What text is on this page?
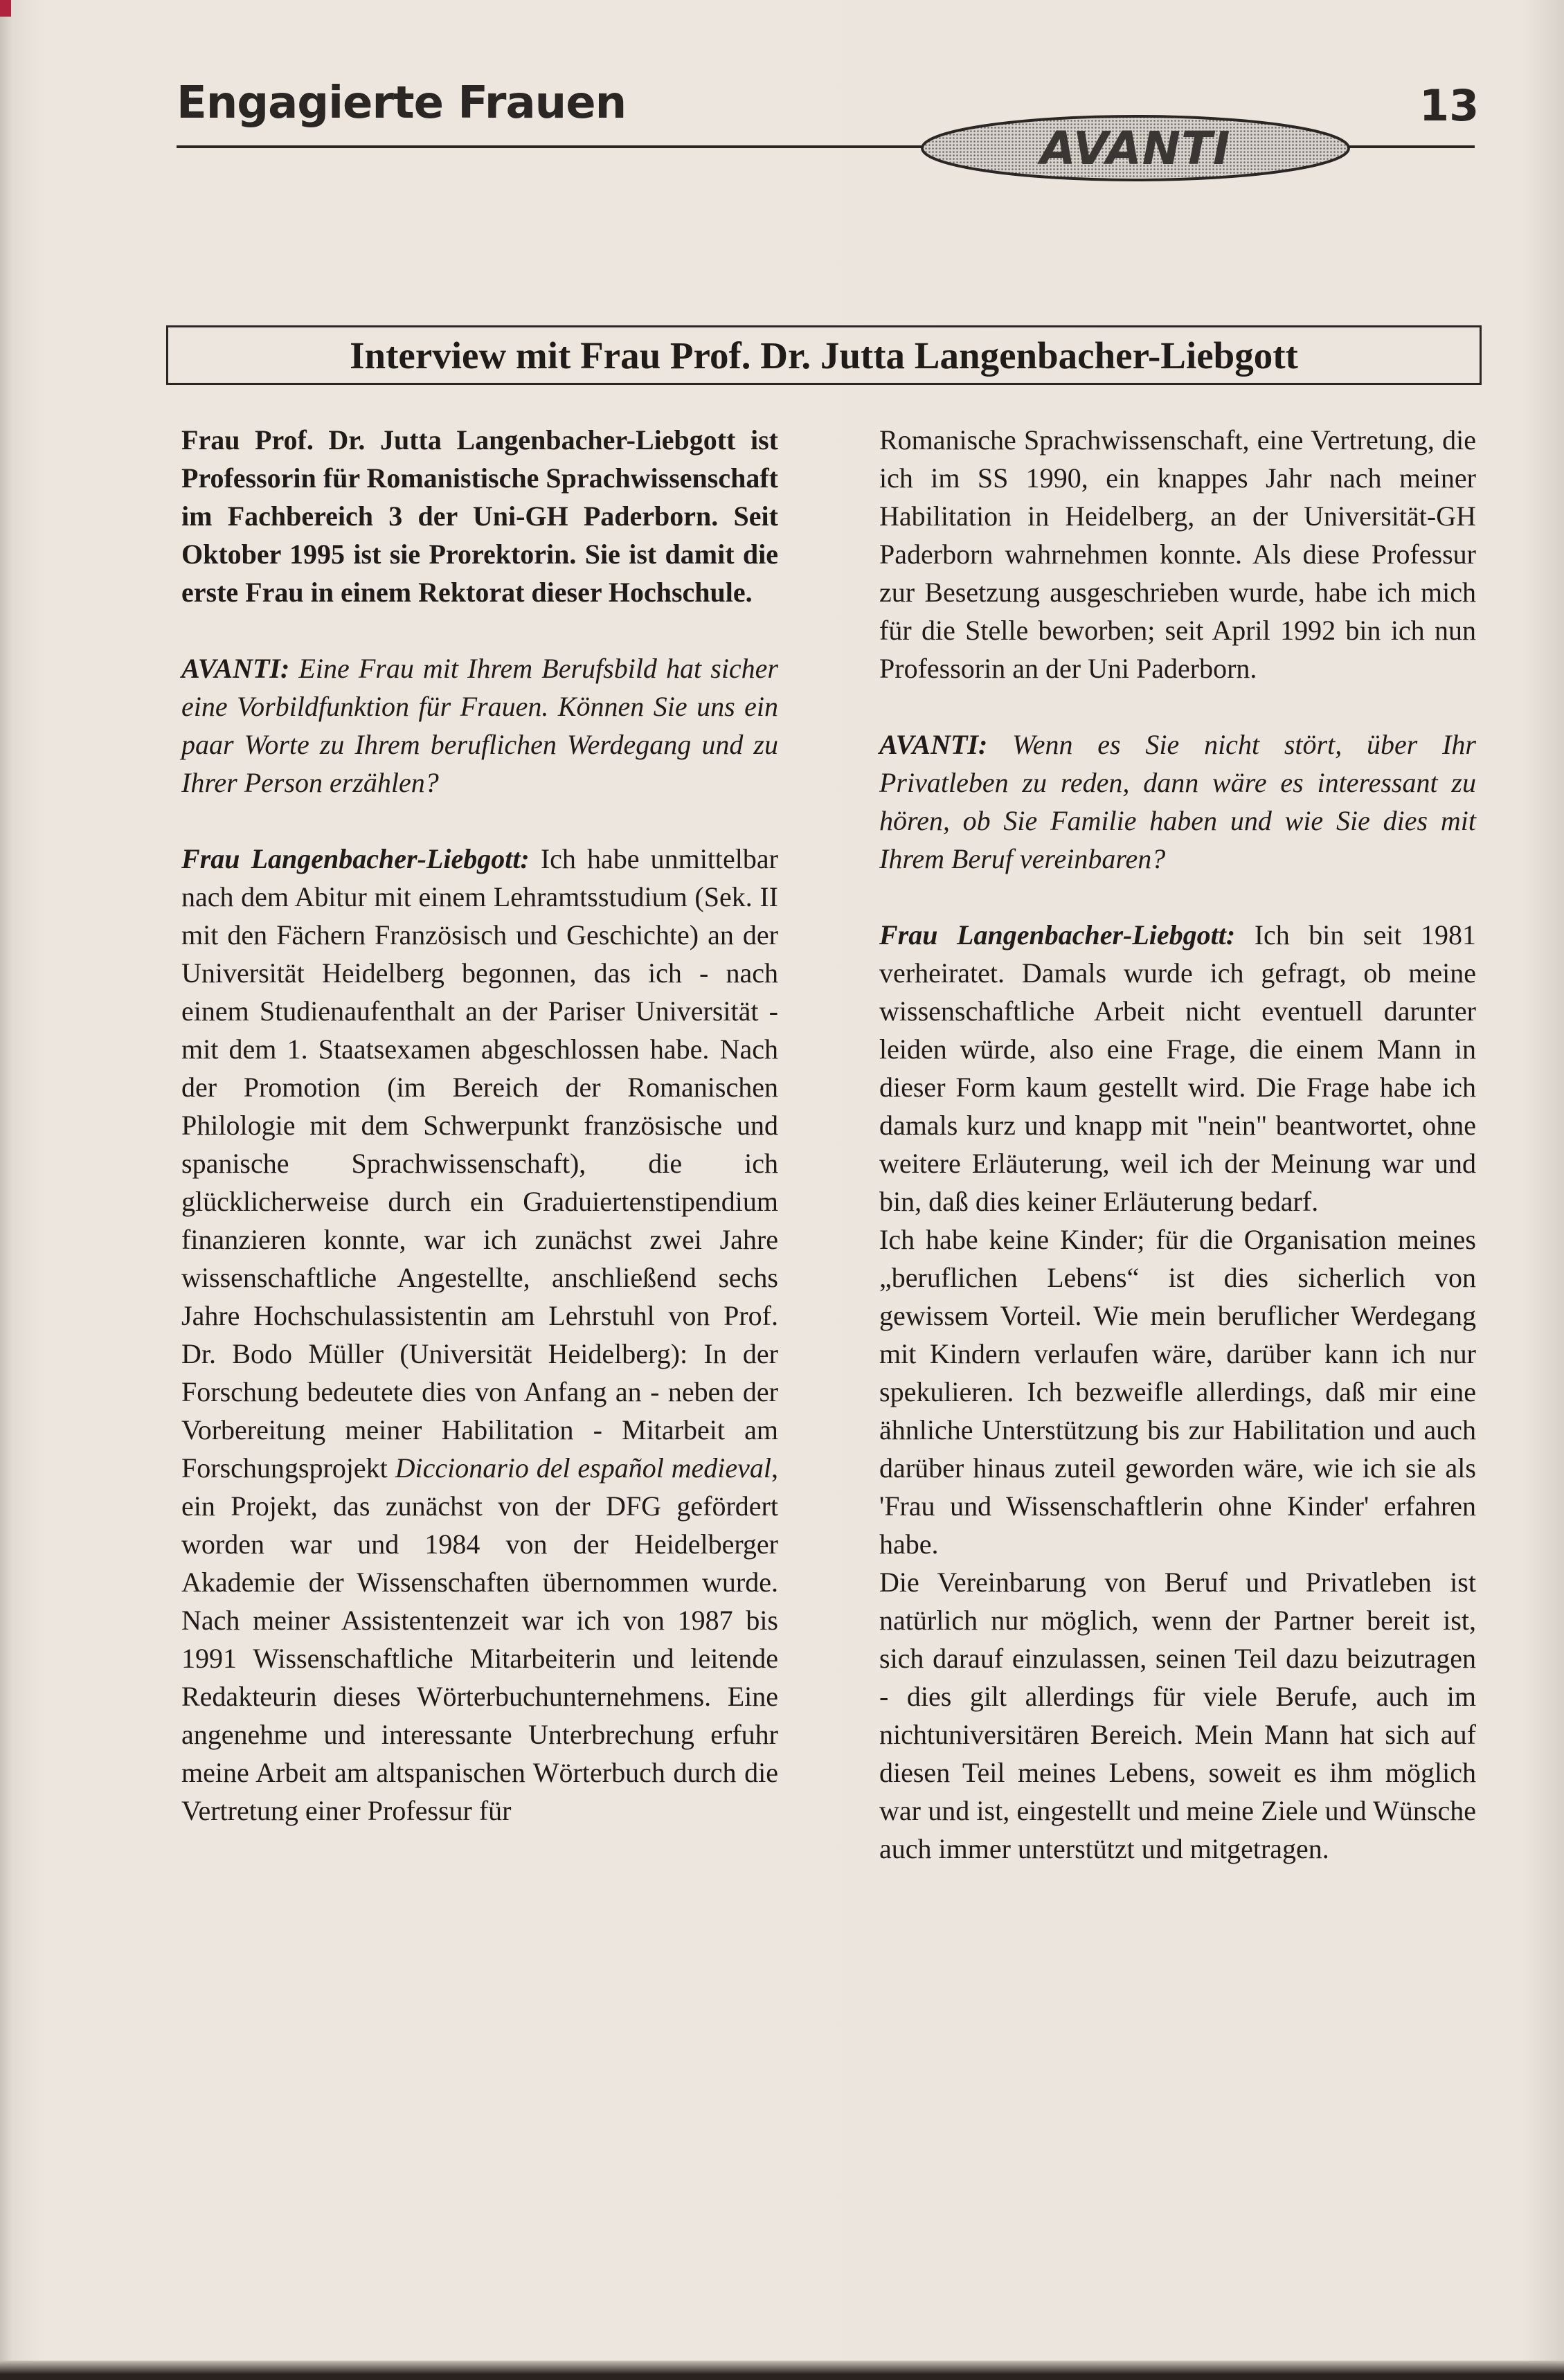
Engagierte Frauen
AVANTI
13
Interview mit Frau Prof. Dr. Jutta Langenbacher-Liebgott

Frau Prof. Dr. Jutta Langenbacher-Liebgott ist Professorin für Romanistische Sprachwissenschaft im Fachbereich 3 der Uni-GH Paderborn. Seit Oktober 1995 ist sie Prorektorin. Sie ist damit die erste Frau in einem Rektorat dieser Hochschule.

AVANTI: Eine Frau mit Ihrem Berufsbild hat sicher eine Vorbildfunktion für Frauen. Können Sie uns ein paar Worte zu Ihrem beruflichen Werdegang und zu Ihrer Person erzählen?

Frau Langenbacher-Liebgott: Ich habe unmittelbar nach dem Abitur mit einem Lehramtsstudium (Sek. II mit den Fächern Französisch und Geschichte) an der Universität Heidelberg begonnen, das ich - nach einem Studienaufenthalt an der Pariser Universität - mit dem 1. Staatsexamen abgeschlossen habe. Nach der Promotion (im Bereich der Romanischen Philologie mit dem Schwerpunkt französische und spanische Sprachwissenschaft), die ich glücklicherweise durch ein Graduiertenstipendium finanzieren konnte, war ich zunächst zwei Jahre wissenschaftliche Angestellte, anschließend sechs Jahre Hochschulassistentin am Lehrstuhl von Prof. Dr. Bodo Müller (Universität Heidelberg): In der Forschung bedeutete dies von Anfang an - neben der Vorbereitung meiner Habilitation - Mitarbeit am Forschungsprojekt Diccionario del español medieval, ein Projekt, das zunächst von der DFG gefördert worden war und 1984 von der Heidelberger Akademie der Wissenschaften übernommen wurde. Nach meiner Assistentenzeit war ich von 1987 bis 1991 Wissenschaftliche Mitarbeiterin und leitende Redakteurin dieses Wörterbuchunternehmens. Eine angenehme und interessante Unterbrechung erfuhr meine Arbeit am altspanischen Wörterbuch durch die Vertretung einer Professur für

Romanische Sprachwissenschaft, eine Vertretung, die ich im SS 1990, ein knappes Jahr nach meiner Habilitation in Heidelberg, an der Universität-GH Paderborn wahrnehmen konnte. Als diese Professur zur Besetzung ausgeschrieben wurde, habe ich mich für die Stelle beworben; seit April 1992 bin ich nun Professorin an der Uni Paderborn.

AVANTI: Wenn es Sie nicht stört, über Ihr Privatleben zu reden, dann wäre es interessant zu hören, ob Sie Familie haben und wie Sie dies mit Ihrem Beruf vereinbaren?

Frau Langenbacher-Liebgott: Ich bin seit 1981 verheiratet. Damals wurde ich gefragt, ob meine wissenschaftliche Arbeit nicht eventuell darunter leiden würde, also eine Frage, die einem Mann in dieser Form kaum gestellt wird. Die Frage habe ich damals kurz und knapp mit "nein" beantwortet, ohne weitere Erläuterung, weil ich der Meinung war und bin, daß dies keiner Erläuterung bedarf.

Ich habe keine Kinder; für die Organisation meines „beruflichen Lebens“ ist dies sicherlich von gewissem Vorteil. Wie mein beruflicher Werdegang mit Kindern verlaufen wäre, darüber kann ich nur spekulieren. Ich bezweifle allerdings, daß mir eine ähnliche Unterstützung bis zur Habilitation und auch darüber hinaus zuteil geworden wäre, wie ich sie als 'Frau und Wissenschaftlerin ohne Kinder' erfahren habe.

Die Vereinbarung von Beruf und Privatleben ist natürlich nur möglich, wenn der Partner bereit ist, sich darauf einzulassen, seinen Teil dazu beizutragen - dies gilt allerdings für viele Berufe, auch im nichtuniversitären Bereich. Mein Mann hat sich auf diesen Teil meines Lebens, soweit es ihm möglich war und ist, eingestellt und meine Ziele und Wünsche auch immer unterstützt und mitgetragen.
